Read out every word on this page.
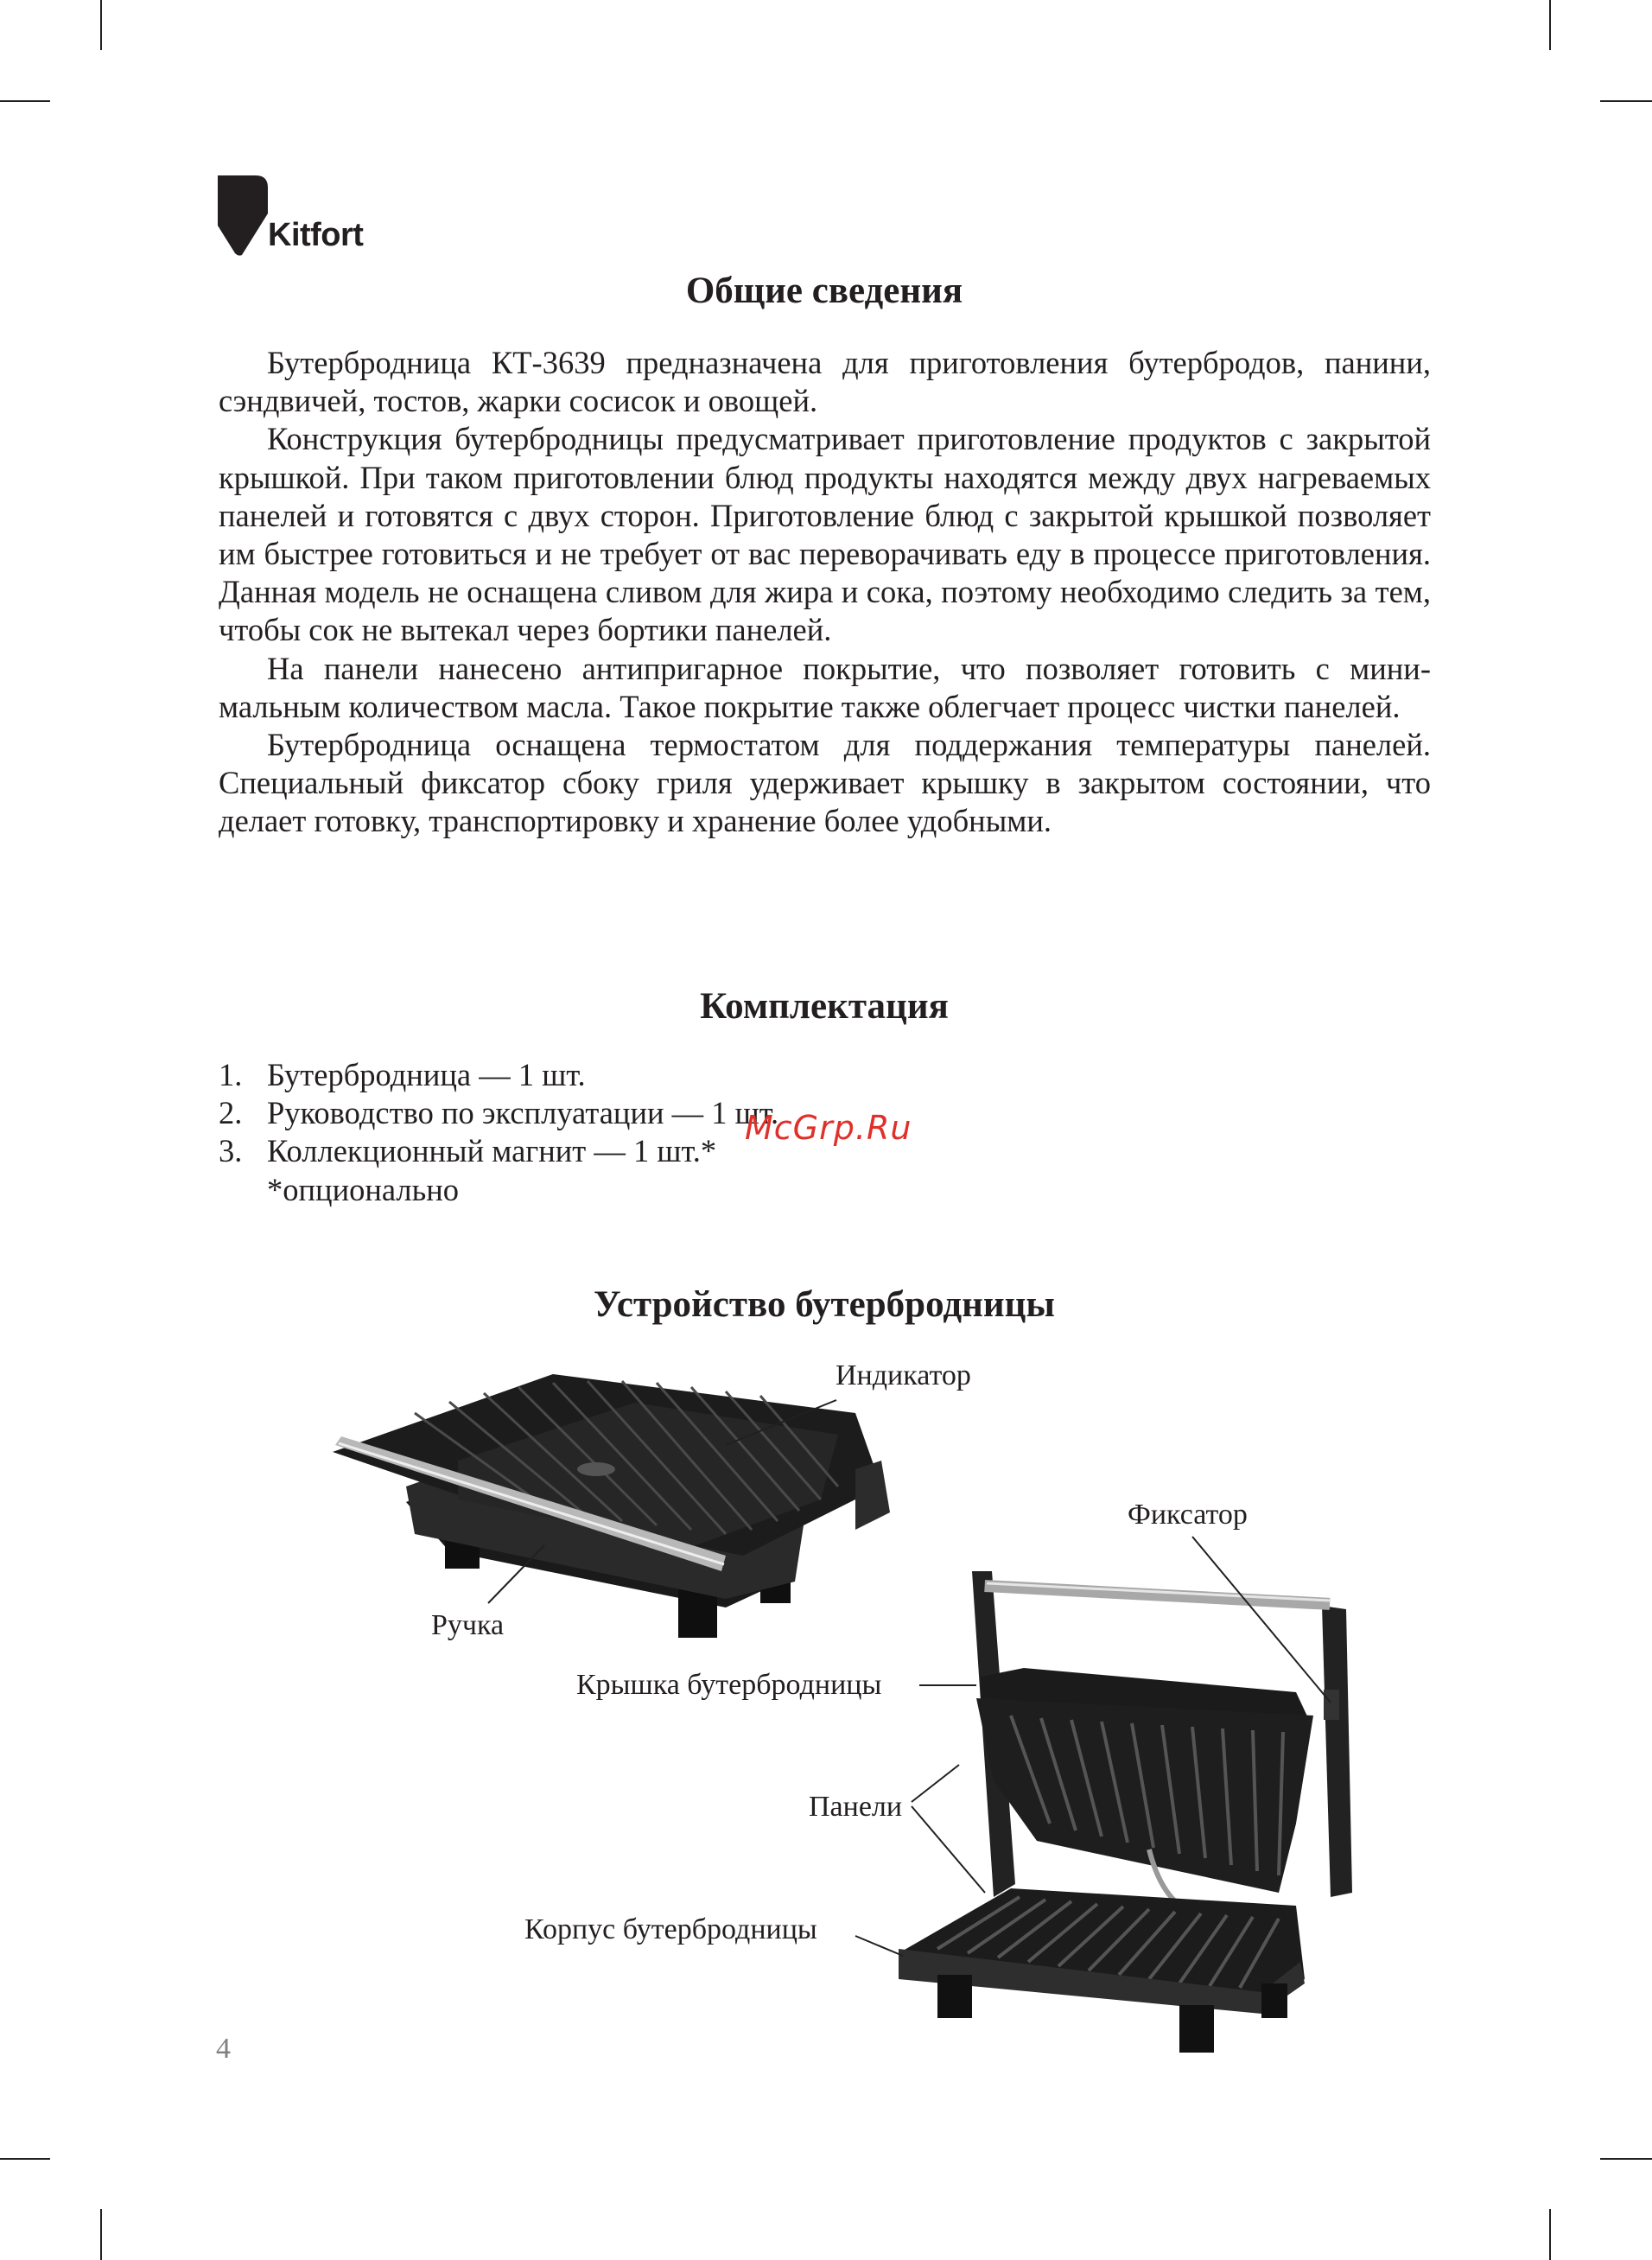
Kitfort
Общие сведения

Бутербродница КТ-3639 предназначена для приготовления бутербродов, панини, сэндвичей, тостов, жарки сосисок и овощей.

Конструкция бутербродницы предусматривает приготовление продуктов с закрытой крышкой. При таком приготовлении блюд продукты находятся между двух нагреваемых панелей и готовятся с двух сторон. Приготовление блюд с закрытой крышкой позволяет им быстрее готовиться и не требует от вас переворачивать еду в процессе приготовления. Данная модель не оснащена сливом для жира и сока, поэтому необходимо следить за тем, чтобы сок не вытекал через бортики панелей.

На панели нанесено антипригарное покрытие, что позволяет готовить с минимальным количеством масла. Такое покрытие также облегчает процесс чистки панелей.

Бутербродница оснащена термостатом для поддержания температуры панелей. Специальный фиксатор сбоку гриля удерживает крышку в закрытом состоянии, что делает готовку, транспортировку и хранение более удобными.

Комплектация
1. Бутербродница — 1 шт.
2. Руководство по эксплуатации — 1 шт.
3. Коллекционный магнит — 1 шт.*
*опционально
McGrp.Ru
Устройство бутербродницы
Индикатор
Ручка
Фиксатор
Крышка бутербродницы
Панели
Корпус бутербродницы
4
